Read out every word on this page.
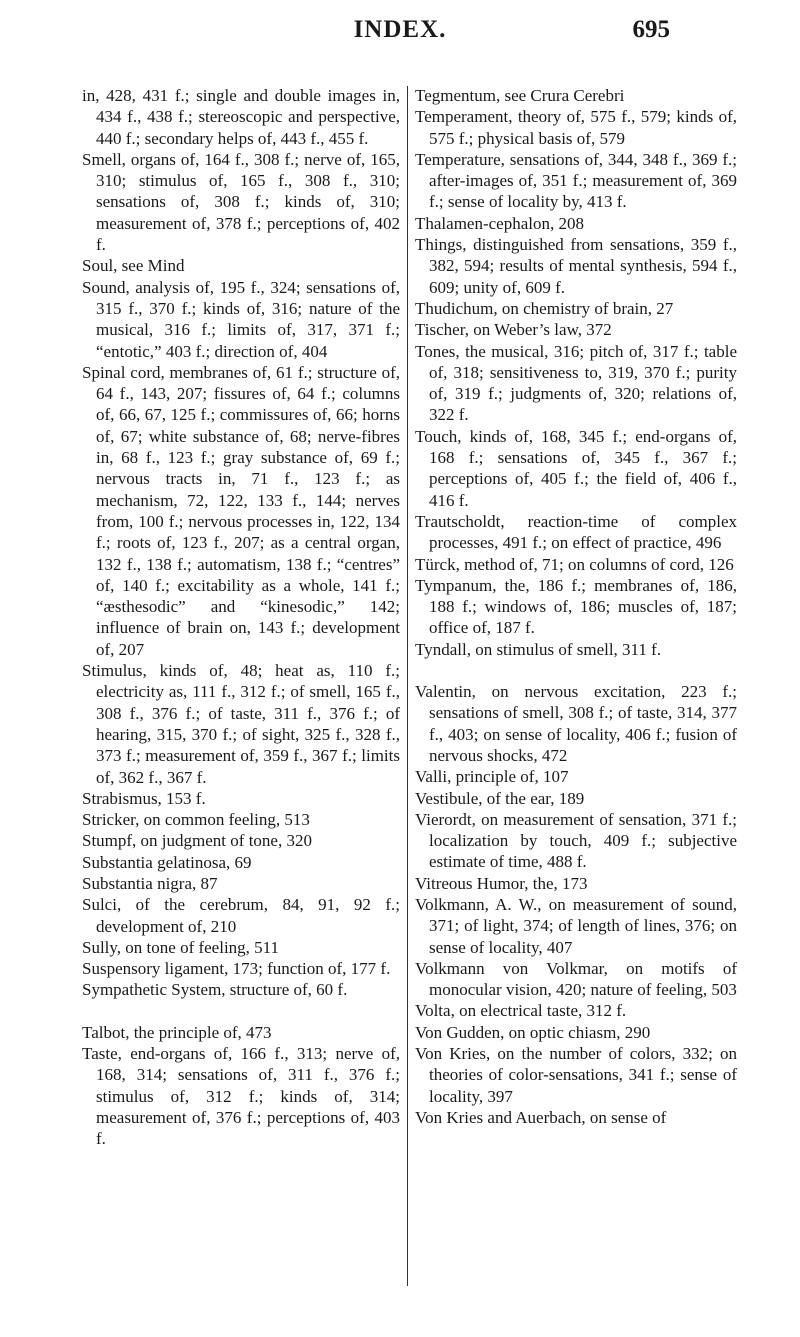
INDEX.	695

in, 428, 431 f.; single and double images in, 434 f., 438 f.; stereoscopic and perspective, 440 f.; secondary helps of, 443 f., 455 f.

Smell, organs of, 164 f., 308 f.; nerve of, 165, 310; stimulus of, 165 f., 308 f., 310; sensations of, 308 f.; kinds of, 310; measurement of, 378 f.; perceptions of, 402 f.

Soul, see Mind

Sound, analysis of, 195 f., 324; sensations of, 315 f., 370 f.; kinds of, 316; nature of the musical, 316 f.; limits of, 317, 371 f.; “entotic,” 403 f.; direction of, 404

Spinal cord, membranes of, 61 f.; structure of, 64 f., 143, 207; fissures of, 64 f.; columns of, 66, 67, 125 f.; commissures of, 66; horns of, 67; white substance of, 68; nerve-fibres in, 68 f., 123 f.; gray substance of, 69 f.; nervous tracts in, 71 f., 123 f.; as mechanism, 72, 122, 133 f., 144; nerves from, 100 f.; nervous processes in, 122, 134 f.; roots of, 123 f., 207; as a central organ, 132 f., 138 f.; automatism, 138 f.; “centres” of, 140 f.; excitability as a whole, 141 f.; “æsthesodic” and “kinesodic,” 142; influence of brain on, 143 f.; development of, 207

Stimulus, kinds of, 48; heat as, 110 f.; electricity as, 111 f., 312 f.; of smell, 165 f., 308 f., 376 f.; of taste, 311 f., 376 f.; of hearing, 315, 370 f.; of sight, 325 f., 328 f., 373 f.; measurement of, 359 f., 367 f.; limits of, 362 f., 367 f.

Strabismus, 153 f.

Stricker, on common feeling, 513

Stumpf, on judgment of tone, 320

Substantia gelatinosa, 69

Substantia nigra, 87

Sulci, of the cerebrum, 84, 91, 92 f.; development of, 210

Sully, on tone of feeling, 511

Suspensory ligament, 173; function of, 177 f.

Sympathetic System, structure of, 60 f.

Talbot, the principle of, 473

Taste, end-organs of, 166 f., 313; nerve of, 168, 314; sensations of, 311 f., 376 f.; stimulus of, 312 f.; kinds of, 314; measurement of, 376 f.; perceptions of, 403 f.

Tegmentum, see Crura Cerebri

Temperament, theory of, 575 f., 579; kinds of, 575 f.; physical basis of, 579

Temperature, sensations of, 344, 348 f., 369 f.; after-images of, 351 f.; measurement of, 369 f.; sense of locality by, 413 f.

Thalamen-cephalon, 208

Things, distinguished from sensations, 359 f., 382, 594; results of mental synthesis, 594 f., 609; unity of, 609 f.

Thudichum, on chemistry of brain, 27

Tischer, on Weber’s law, 372

Tones, the musical, 316; pitch of, 317 f.; table of, 318; sensitiveness to, 319, 370 f.; purity of, 319 f.; judgments of, 320; relations of, 322 f.

Touch, kinds of, 168, 345 f.; end-organs of, 168 f.; sensations of, 345 f., 367 f.; perceptions of, 405 f.; the field of, 406 f., 416 f.

Trautscholdt, reaction-time of complex processes, 491 f.; on effect of practice, 496

Türck, method of, 71; on columns of cord, 126

Tympanum, the, 186 f.; membranes of, 186, 188 f.; windows of, 186; muscles of, 187; office of, 187 f.

Tyndall, on stimulus of smell, 311 f.

Valentin, on nervous excitation, 223 f.; sensations of smell, 308 f.; of taste, 314, 377 f., 403; on sense of locality, 406 f.; fusion of nervous shocks, 472

Valli, principle of, 107

Vestibule, of the ear, 189

Vierordt, on measurement of sensation, 371 f.; localization by touch, 409 f.; subjective estimate of time, 488 f.

Vitreous Humor, the, 173

Volkmann, A. W., on measurement of sound, 371; of light, 374; of length of lines, 376; on sense of locality, 407

Volkmann von Volkmar, on motifs of monocular vision, 420; nature of feeling, 503

Volta, on electrical taste, 312 f.

Von Gudden, on optic chiasm, 290

Von Kries, on the number of colors, 332; on theories of color-sensations, 341 f.; sense of locality, 397

Von Kries and Auerbach, on sense of
